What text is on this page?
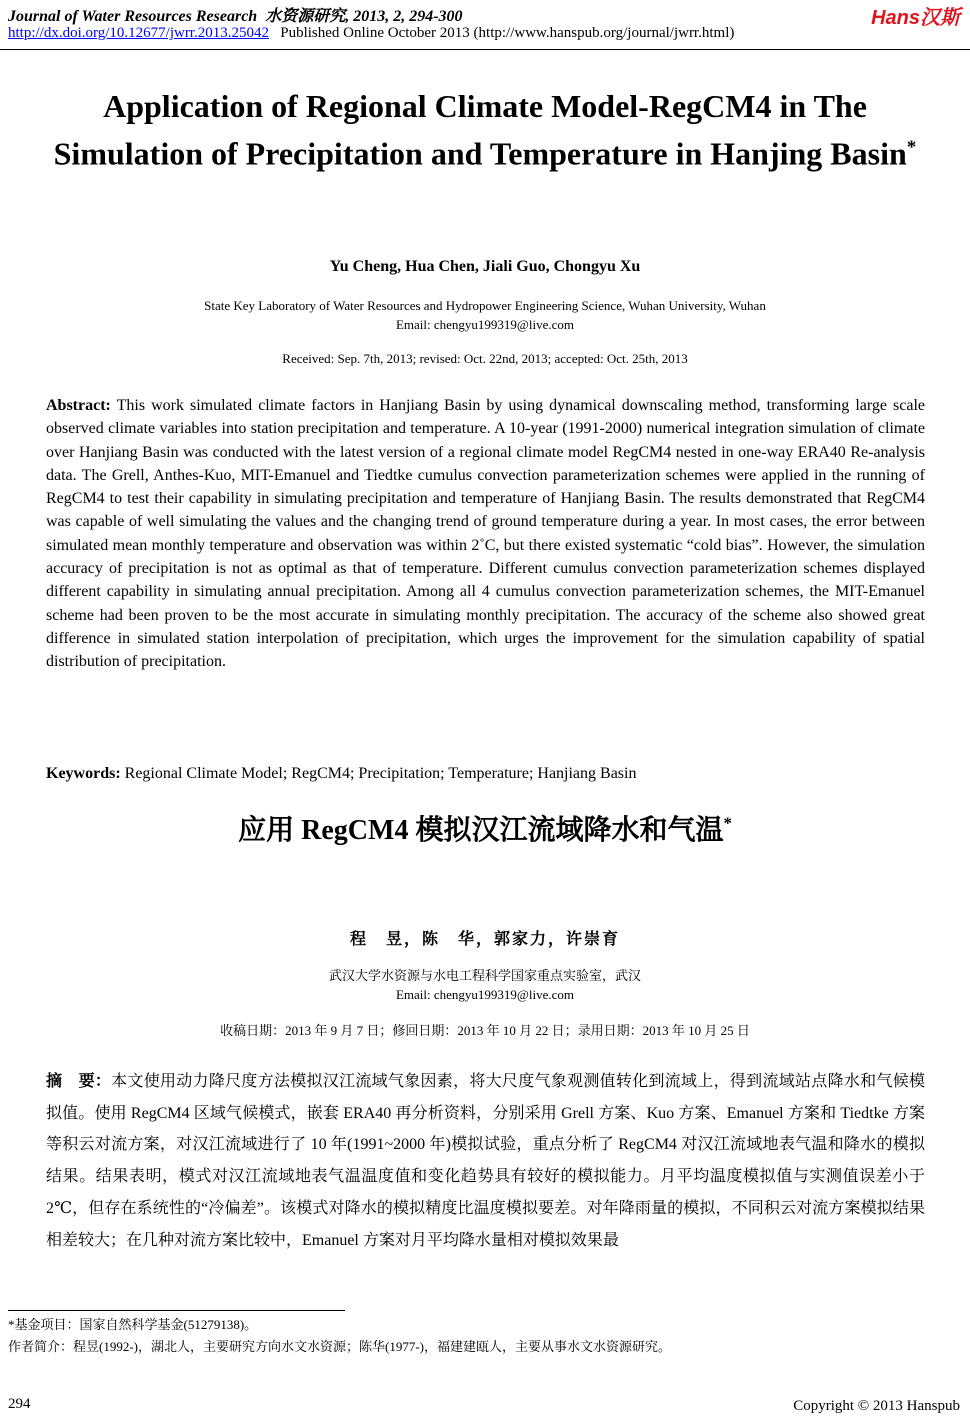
Journal of Water Resources Research 水资源研究, 2013, 2, 294-300
http://dx.doi.org/10.12677/jwrr.2013.25042 Published Online October 2013 (http://www.hanspub.org/journal/jwrr.html)
Hans汉斯
Application of Regional Climate Model-RegCM4 in The Simulation of Precipitation and Temperature in Hanjing Basin*
Yu Cheng, Hua Chen, Jiali Guo, Chongyu Xu
State Key Laboratory of Water Resources and Hydropower Engineering Science, Wuhan University, Wuhan
Email: chengyu199319@live.com
Received: Sep. 7th, 2013; revised: Oct. 22nd, 2013; accepted: Oct. 25th, 2013
Abstract: This work simulated climate factors in Hanjiang Basin by using dynamical downscaling method, transforming large scale observed climate variables into station precipitation and temperature. A 10-year (1991-2000) numerical integration simulation of climate over Hanjiang Basin was conducted with the latest version of a regional climate model RegCM4 nested in one-way ERA40 Re-analysis data. The Grell, Anthes-Kuo, MIT-Emanuel and Tiedtke cumulus convection parameterization schemes were applied in the running of RegCM4 to test their capability in simulating precipitation and temperature of Hanjiang Basin. The results demonstrated that RegCM4 was capable of well simulating the values and the changing trend of ground temperature during a year. In most cases, the error between simulated mean monthly temperature and observation was within 2˚C, but there existed systematic “cold bias”. However, the simulation accuracy of precipitation is not as optimal as that of temperature. Different cumulus convection parameterization schemes displayed different capability in simulating annual precipitation. Among all 4 cumulus convection parameterization schemes, the MIT-Emanuel scheme had been proven to be the most accurate in simulating monthly precipitation. The accuracy of the scheme also showed great difference in simulated station interpolation of precipitation, which urges the improvement for the simulation capability of spatial distribution of precipitation.
Keywords: Regional Climate Model; RegCM4; Precipitation; Temperature; Hanjiang Basin
应用 RegCM4 模拟汉江流域降水和气温*
程　昱，陈　华，郭家力，许崇育
武汉大学水资源与水电工程科学国家重点实验室，武汉
Email: chengyu199319@live.com
收稿日期：2013 年 9 月 7 日；修回日期：2013 年 10 月 22 日；录用日期：2013 年 10 月 25 日
摘　要：本文使用动力降尺度方法模拟汉江流域气象因素，将大尺度气象观测值转化到流域上，得到流域站点降水和气候模拟值。使用 RegCM4 区域气候模式，嵌套 ERA40 再分析资料，分别采用 Grell 方案、Kuo 方案、Emanuel 方案和 Tiedtke 方案等积云对流方案，对汉江流域进行了 10 年(1991~2000 年)模拟试验，重点分析了 RegCM4 对汉江流域地表气温和降水的模拟结果。结果表明，模式对汉江流域地表气温温度值和变化趋势具有较好的模拟能力。月平均温度模拟值与实测值误差小于 2℃，但存在系统性的“冷偏差”。该模式对降水的模拟精度比温度模拟要差。对年降雨量的模拟，不同积云对流方案模拟结果相差较大；在几种对流方案比较中，Emanuel 方案对月平均降水量相对模拟效果最
*基金项目：国家自然科学基金(51279138)。
作者简介：程昱(1992-)，湖北人，主要研究方向水文水资源；陈华(1977-)，福建建瓯人，主要从事水文水资源研究。
294	Copyright © 2013 Hanspub
